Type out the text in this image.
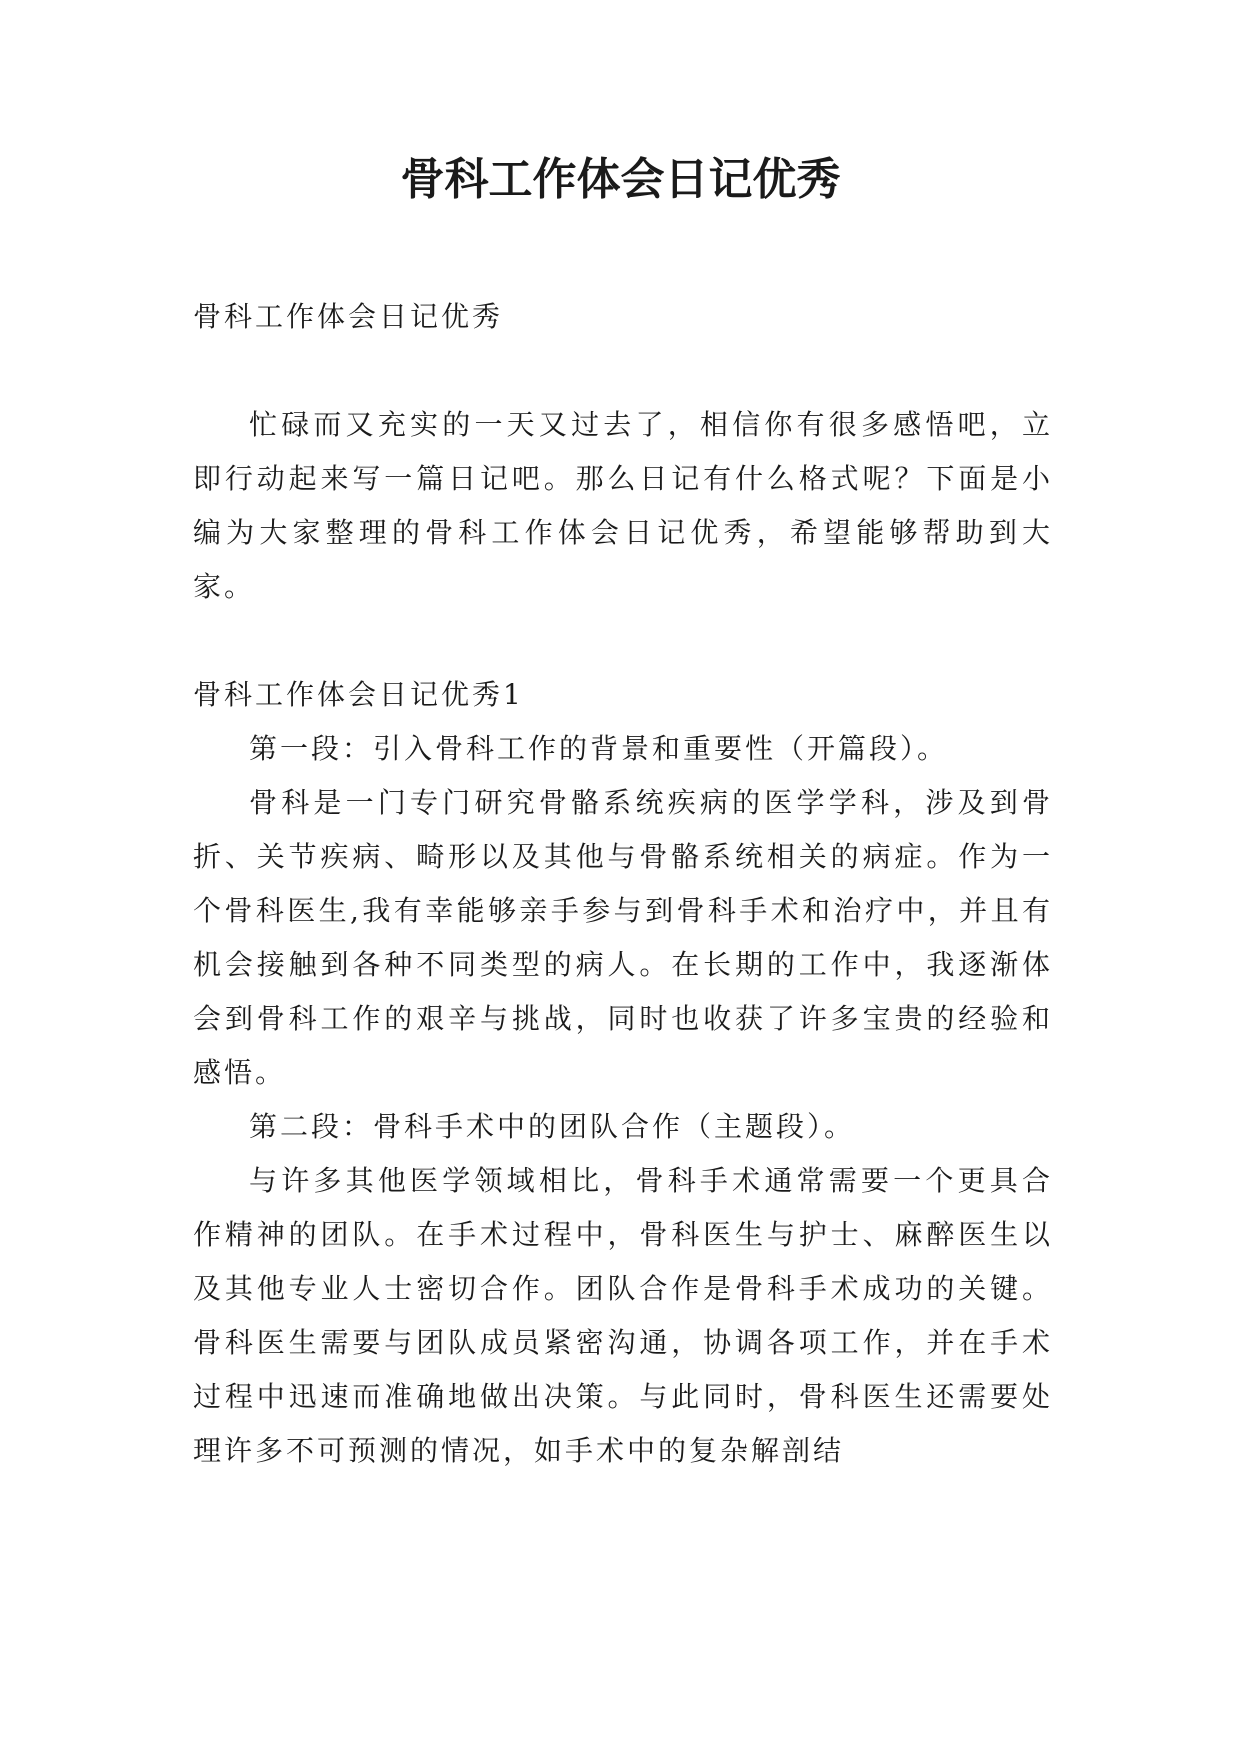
骨科工作体会日记优秀

骨科工作体会日记优秀

忙碌而又充实的一天又过去了，相信你有很多感悟吧，立即行动起来写一篇日记吧。那么日记有什么格式呢？下面是小编为大家整理的骨科工作体会日记优秀，希望能够帮助到大家。

骨科工作体会日记优秀1

第一段：引入骨科工作的背景和重要性（开篇段）。

骨科是一门专门研究骨骼系统疾病的医学学科，涉及到骨折、关节疾病、畸形以及其他与骨骼系统相关的病症。作为一个骨科医生,我有幸能够亲手参与到骨科手术和治疗中，并且有机会接触到各种不同类型的病人。在长期的工作中，我逐渐体会到骨科工作的艰辛与挑战，同时也收获了许多宝贵的经验和感悟。

第二段：骨科手术中的团队合作（主题段）。

与许多其他医学领域相比，骨科手术通常需要一个更具合作精神的团队。在手术过程中，骨科医生与护士、麻醉医生以及其他专业人士密切合作。团队合作是骨科手术成功的关键。骨科医生需要与团队成员紧密沟通，协调各项工作，并在手术过程中迅速而准确地做出决策。与此同时，骨科医生还需要处理许多不可预测的情况，如手术中的复杂解剖结
